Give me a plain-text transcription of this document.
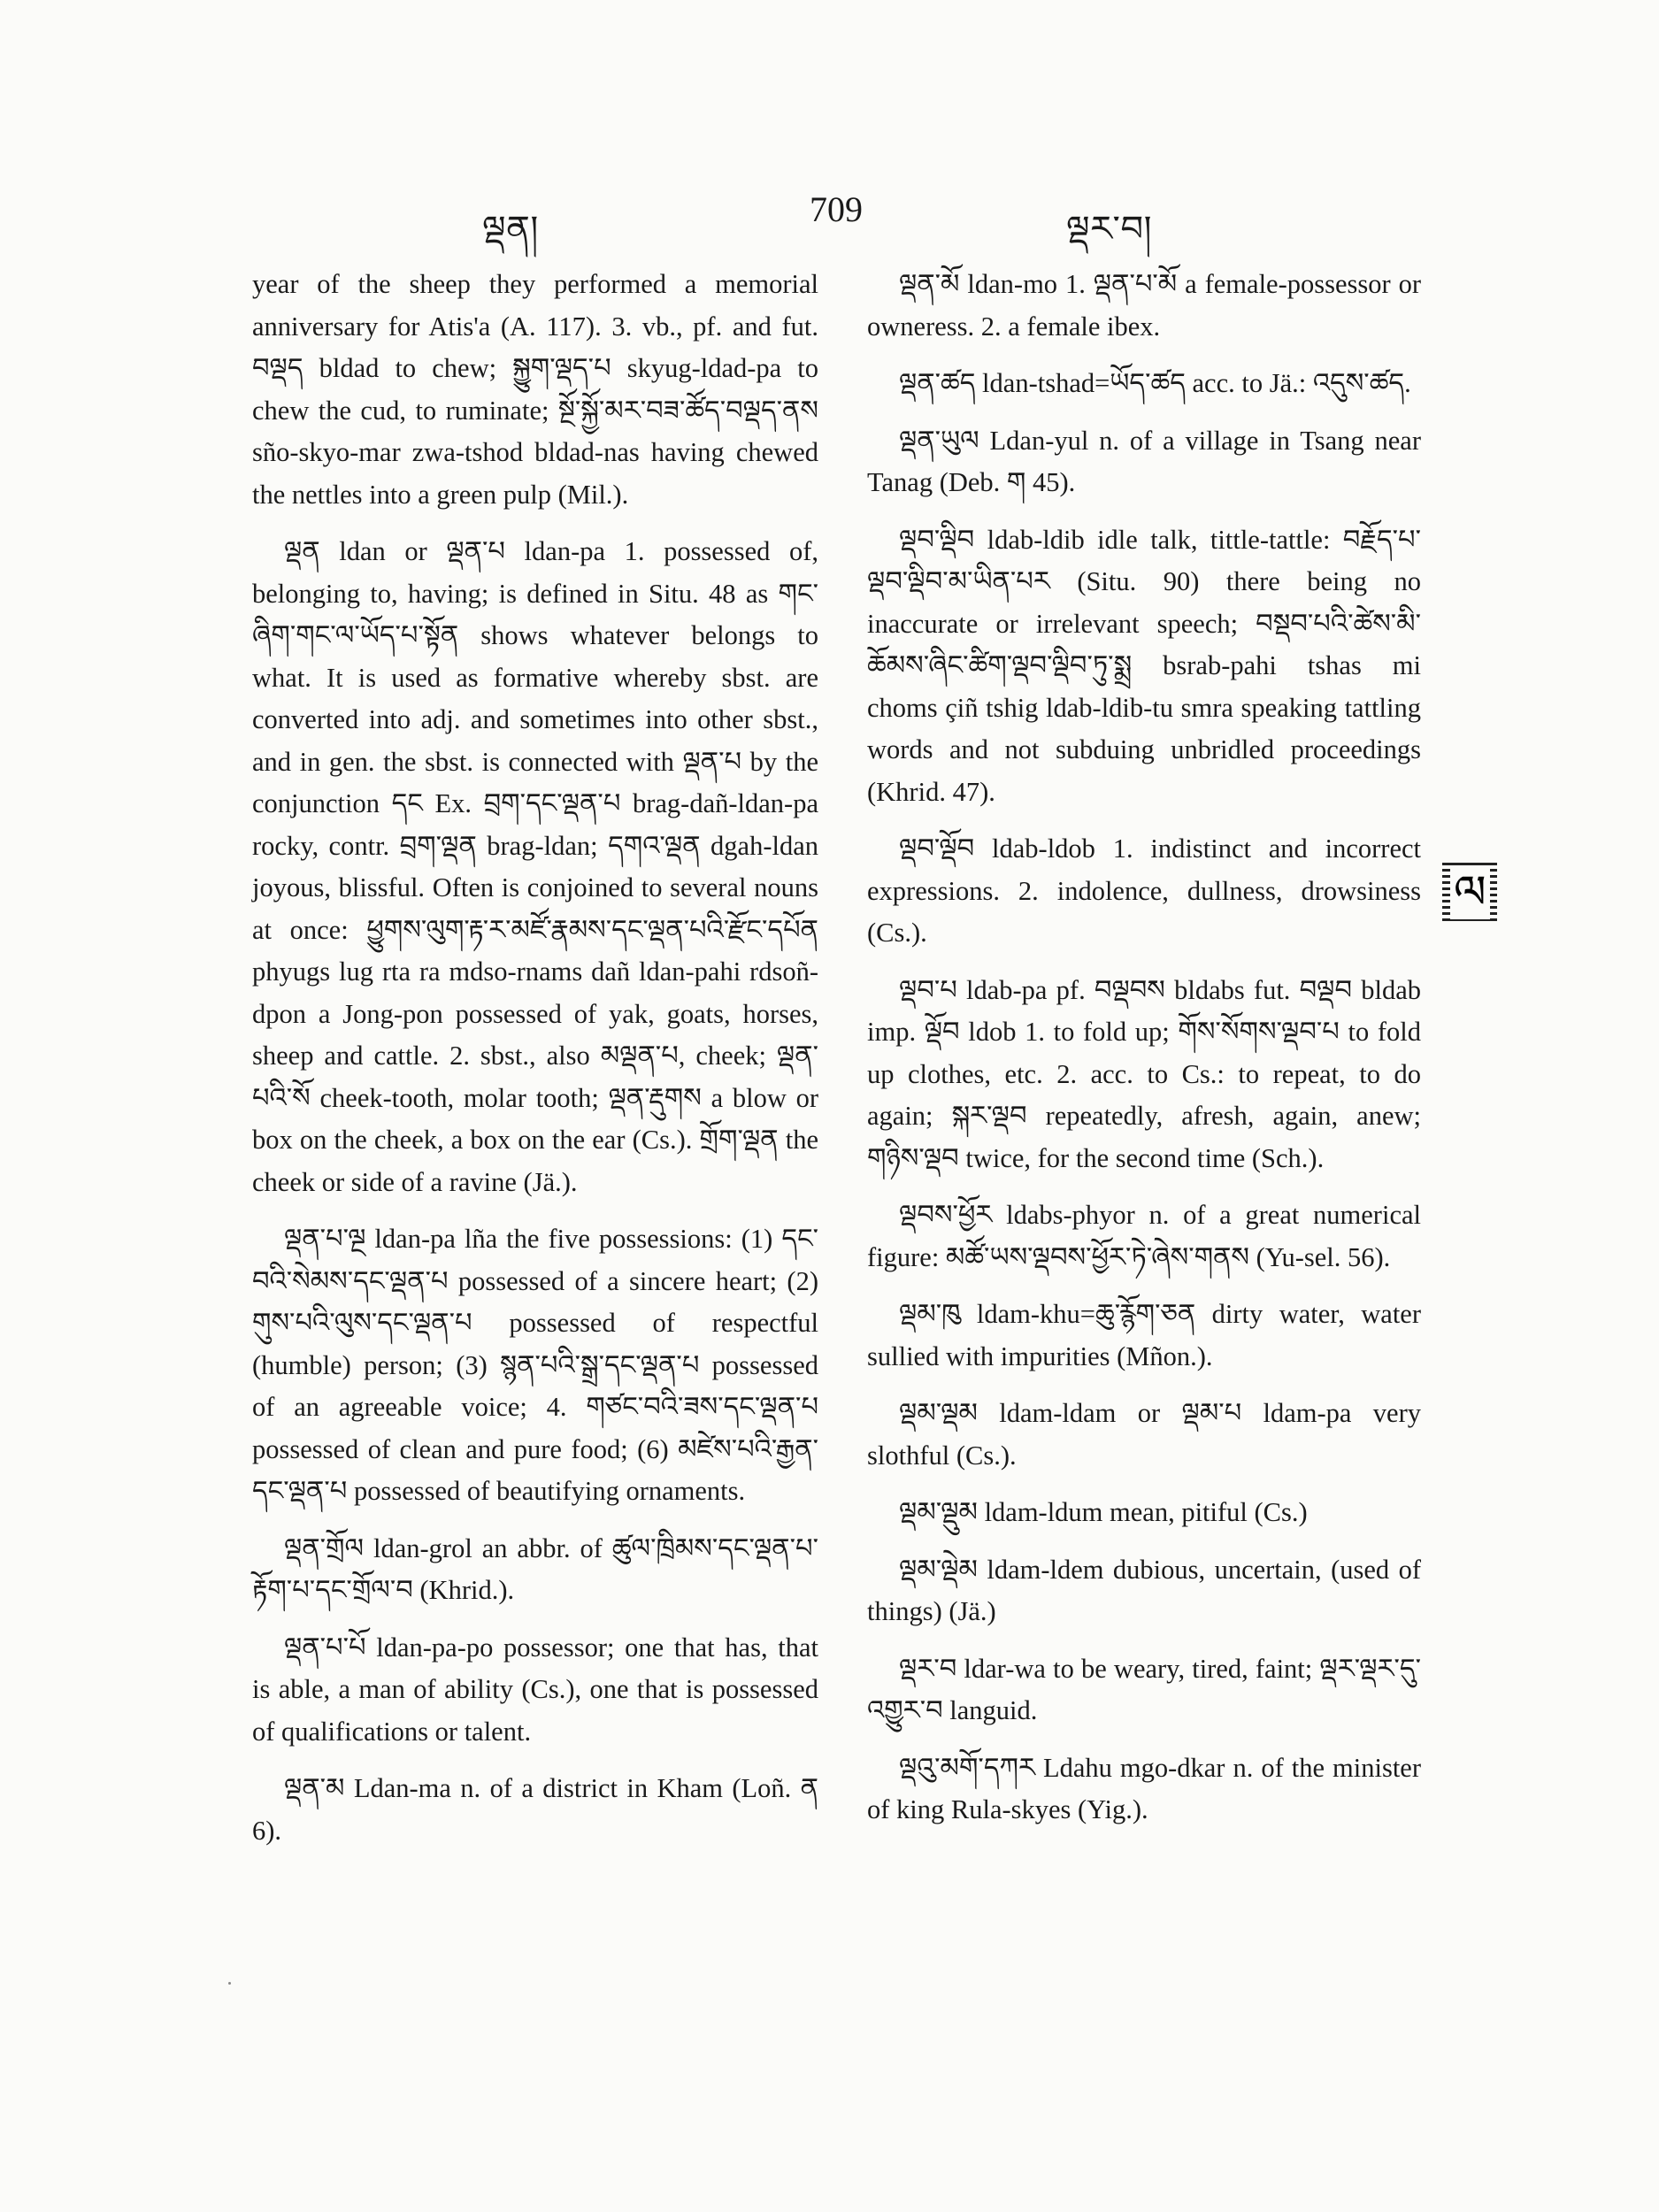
ལྡན།	709	ལྡར་བ།

year of the sheep they performed a memorial anniversary for Atis'a (A. 117). 3. vb., pf. and fut. བལྡད bldad to chew; སྐྱུག་ལྡད་པ skyug-ldad-pa to chew the cud, to ruminate; སྔོ་སྐྱོ་མར་བཟ་ཚོད་བལྡད་ནས sño-skyo-mar zwa-tshod bldad-nas having chewed the nettles into a green pulp (Mil.).

ལྡན ldan or ལྡན་པ ldan-pa 1. possessed of, belonging to, having; is defined in Situ. 48 as གང་ཞིག་གང་ལ་ཡོད་པ་སྟོན shows whatever belongs to what. It is used as formative whereby sbst. are converted into adj. and sometimes into other sbst., and in gen. the sbst. is connected with ལྡན་པ by the conjunction དང Ex. བྲག་དང་ལྡན་པ brag-dañ-ldan-pa rocky, contr. བྲག་ལྡན brag-ldan; དགའ་ལྡན dgah-ldan joyous, blissful. Often is conjoined to several nouns at once: ཕྱུགས་ལུག་རྟ་ར་མཛོ་རྣམས་དང་ལྡན་པའི་རྫོང་དཔོན phyugs lug rta ra mdso-rnams dañ ldan-pahi rdsoñ-dpon a Jong-pon possessed of yak, goats, horses, sheep and cattle. 2. sbst., also མལྡན་པ, cheek; ལྡན་པའི་སོ cheek-tooth, molar tooth; ལྡན་རྡུགས a blow or box on the cheek, a box on the ear (Cs.). གྲོག་ལྡན the cheek or side of a ravine (Jä.).

ལྡན་པ་ལྔ ldan-pa lña the five possessions: (1) དང་བའི་སེམས་དང་ལྡན་པ possessed of a sincere heart; (2) གུས་པའི་ལུས་དང་ལྡན་པ possessed of respectful (humble) person; (3) སྙན་པའི་སྒྲ་དང་ལྡན་པ possessed of an agreeable voice; 4. གཙང་བའི་ཟས་དང་ལྡན་པ possessed of clean and pure food; (6) མཛེས་པའི་རྒྱན་དང་ལྡན་པ possessed of beautifying ornaments.

ལྡན་གྲོལ ldan-grol an abbr. of ཚུལ་ཁྲིམས་དང་ལྡན་པ་རྟོག་པ་དང་གྲོལ་བ (Khrid.).

ལྡན་པ་པོ ldan-pa-po possessor; one that has, that is able, a man of ability (Cs.), one that is possessed of qualifications or talent.

ལྡན་མ Ldan-ma n. of a district in Kham (Loñ. ན 6).

ལྡན་མོ ldan-mo 1. ལྡན་པ་མོ a female-possessor or owneress. 2. a female ibex.

ལྡན་ཚད ldan-tshad=ཡོད་ཚད acc. to Jä.: འདུས་ཚད.

ལྡན་ཡུལ Ldan-yul n. of a village in Tsang near Tanag (Deb. ག 45).

ལྡབ་ལྡིབ ldab-ldib idle talk, tittle-tattle: བརྗོད་པ་ལྡབ་ལྡིབ་མ་ཡིན་པར (Situ. 90) there being no inaccurate or irrelevant speech; བསྡབ་པའི་ཚེས་མི་ཆོམས་ཞིང་ཚིག་ལྡབ་ལྡིབ་ཏུ་སྨྲ bsrab-pahi tshas mi choms çiñ tshig ldab-ldib-tu smra speaking tattling words and not subduing unbridled proceedings (Khrid. 47).

ལྡབ་ལྡོབ ldab-ldob 1. indistinct and incorrect expressions. 2. indolence, dullness, drowsiness (Cs.).

ལྡབ་པ ldab-pa pf. བལྡབས bldabs fut. བལྡབ bldab imp. ལྡོབ ldob 1. to fold up; གོས་སོགས་ལྡབ་པ to fold up clothes, etc. 2. acc. to Cs.: to repeat, to do again; སྐར་ལྡབ repeatedly, afresh, again, anew; གཉིས་ལྡབ twice, for the second time (Sch.).

ལྡབས་ཕྱོར ldabs-phyor n. of a great numerical figure: མཚོ་ཡས་ལྡབས་ཕྱོར་ཏེ་ཞེས་གནས (Yu-sel. 56).

ལྡམ་ཁུ ldam-khu=ཆུ་རྙོག་ཅན dirty water, water sullied with impurities (Mñon.).

ལྡམ་ལྡམ ldam-ldam or ལྡམ་པ ldam-pa very slothful (Cs.).

ལྡམ་ལྡུམ ldam-ldum mean, pitiful (Cs.)

ལྡམ་ལྡེམ ldam-ldem dubious, uncertain, (used of things) (Jä.)

ལྡར་བ ldar-wa to be weary, tired, faint; ལྡར་ལྡར་དུ་འགྱུར་བ languid.

ལྡའུ་མགོ་དཀར Ldahu mgo-dkar n. of the minister of king Rula-skyes (Yig.).

ལ
